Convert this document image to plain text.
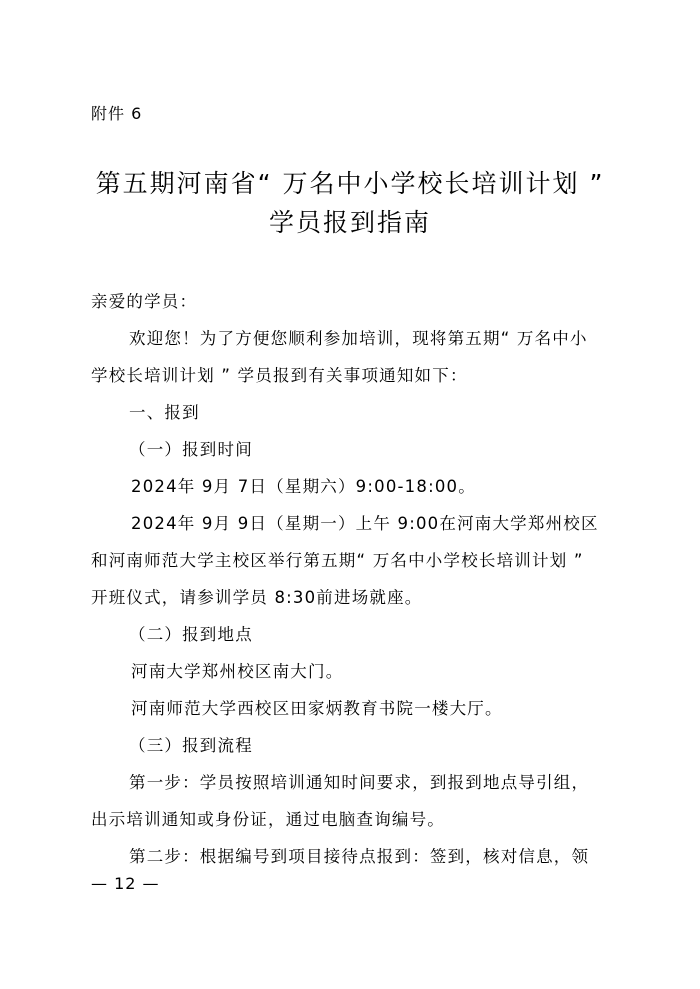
附件 6
第五期河南省“ 万名中小学校长培训计划 ”
学员报到指南
亲爱的学员：
欢迎您！为了方便您顺利参加培训，现将第五期“ 万名中小
学校长培训计划 ” 学员报到有关事项通知如下：
一、报到
（一）报到时间
2024年 9月 7日（星期六）9:00-18:00。
2024年 9月 9日（星期一）上午 9:00在河南大学郑州校区
和河南师范大学主校区举行第五期“ 万名中小学校长培训计划 ”
开班仪式，请参训学员 8:30前进场就座。
（二）报到地点
河南大学郑州校区南大门。
河南师范大学西校区田家炳教育书院一楼大厅。
（三）报到流程
第一步：学员按照培训通知时间要求，到报到地点导引组，
出示培训通知或身份证，通过电脑查询编号。
第二步：根据编号到项目接待点报到：签到，核对信息，领
— 12 —
